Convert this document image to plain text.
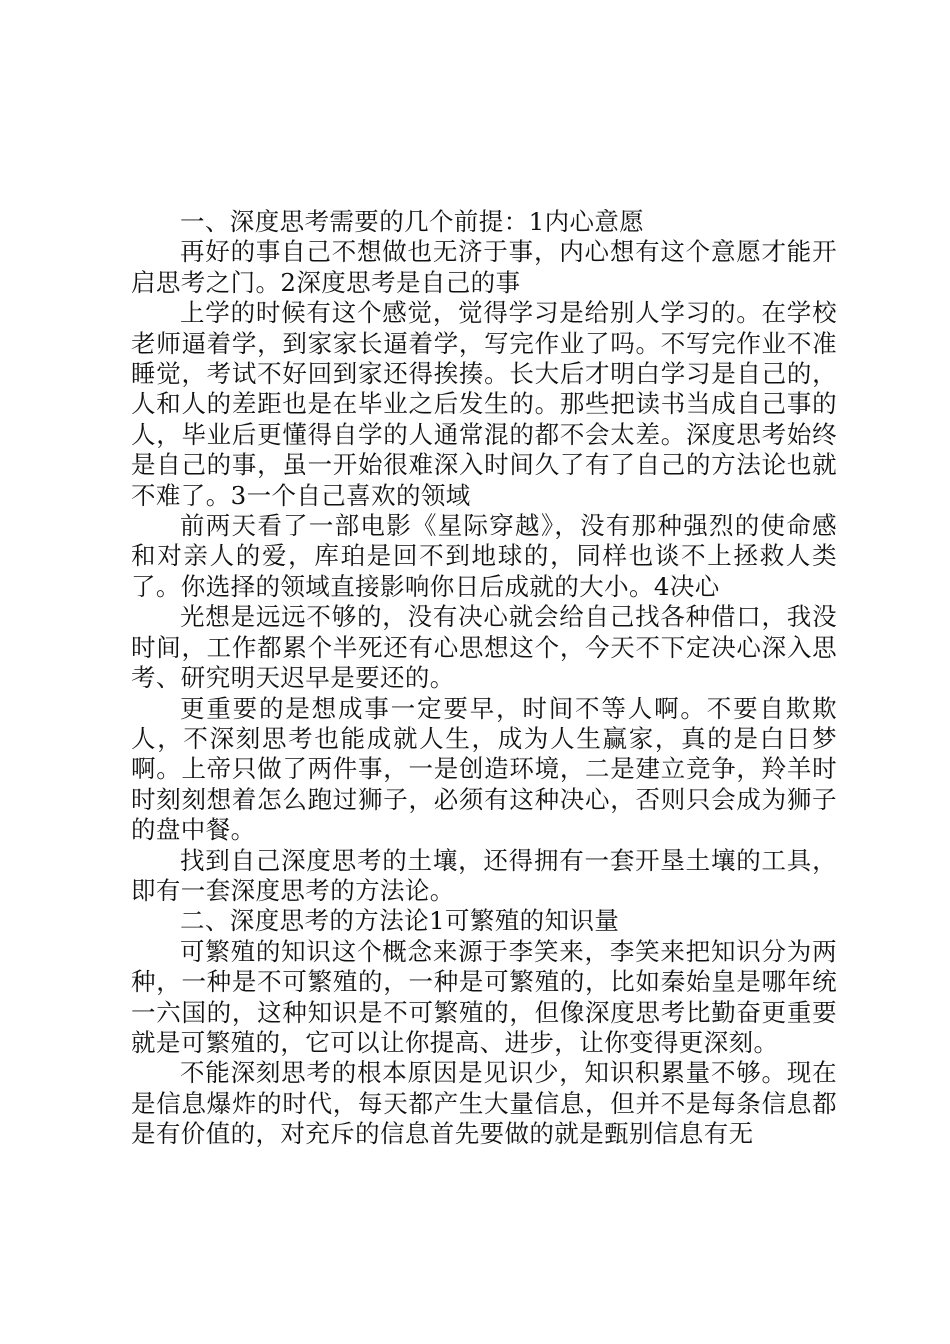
一、深度思考需要的几个前提：1内心意愿

再好的事自己不想做也无济于事，内心想有这个意愿才能开启思考之门。2深度思考是自己的事

上学的时候有这个感觉，觉得学习是给别人学习的。在学校老师逼着学，到家家长逼着学，写完作业了吗。不写完作业不准睡觉，考试不好回到家还得挨揍。长大后才明白学习是自己的，人和人的差距也是在毕业之后发生的。那些把读书当成自己事的人，毕业后更懂得自学的人通常混的都不会太差。深度思考始终是自己的事，虽一开始很难深入时间久了有了自己的方法论也就不难了。3一个自己喜欢的领域

前两天看了一部电影《星际穿越》，没有那种强烈的使命感和对亲人的爱，库珀是回不到地球的，同样也谈不上拯救人类了。你选择的领域直接影响你日后成就的大小。4决心

光想是远远不够的，没有决心就会给自己找各种借口，我没时间，工作都累个半死还有心思想这个，今天不下定决心深入思考、研究明天迟早是要还的。

更重要的是想成事一定要早，时间不等人啊。不要自欺欺人，不深刻思考也能成就人生，成为人生赢家，真的是白日梦啊。上帝只做了两件事，一是创造环境，二是建立竞争，羚羊时时刻刻想着怎么跑过狮子，必须有这种决心，否则只会成为狮子的盘中餐。

找到自己深度思考的土壤，还得拥有一套开垦土壤的工具，即有一套深度思考的方法论。

二、深度思考的方法论1可繁殖的知识量

可繁殖的知识这个概念来源于李笑来，李笑来把知识分为两种，一种是不可繁殖的，一种是可繁殖的，比如秦始皇是哪年统一六国的，这种知识是不可繁殖的，但像深度思考比勤奋更重要就是可繁殖的，它可以让你提高、进步，让你变得更深刻。

不能深刻思考的根本原因是见识少，知识积累量不够。现在是信息爆炸的时代，每天都产生大量信息，但并不是每条信息都是有价值的，对充斥的信息首先要做的就是甄别信息有无
